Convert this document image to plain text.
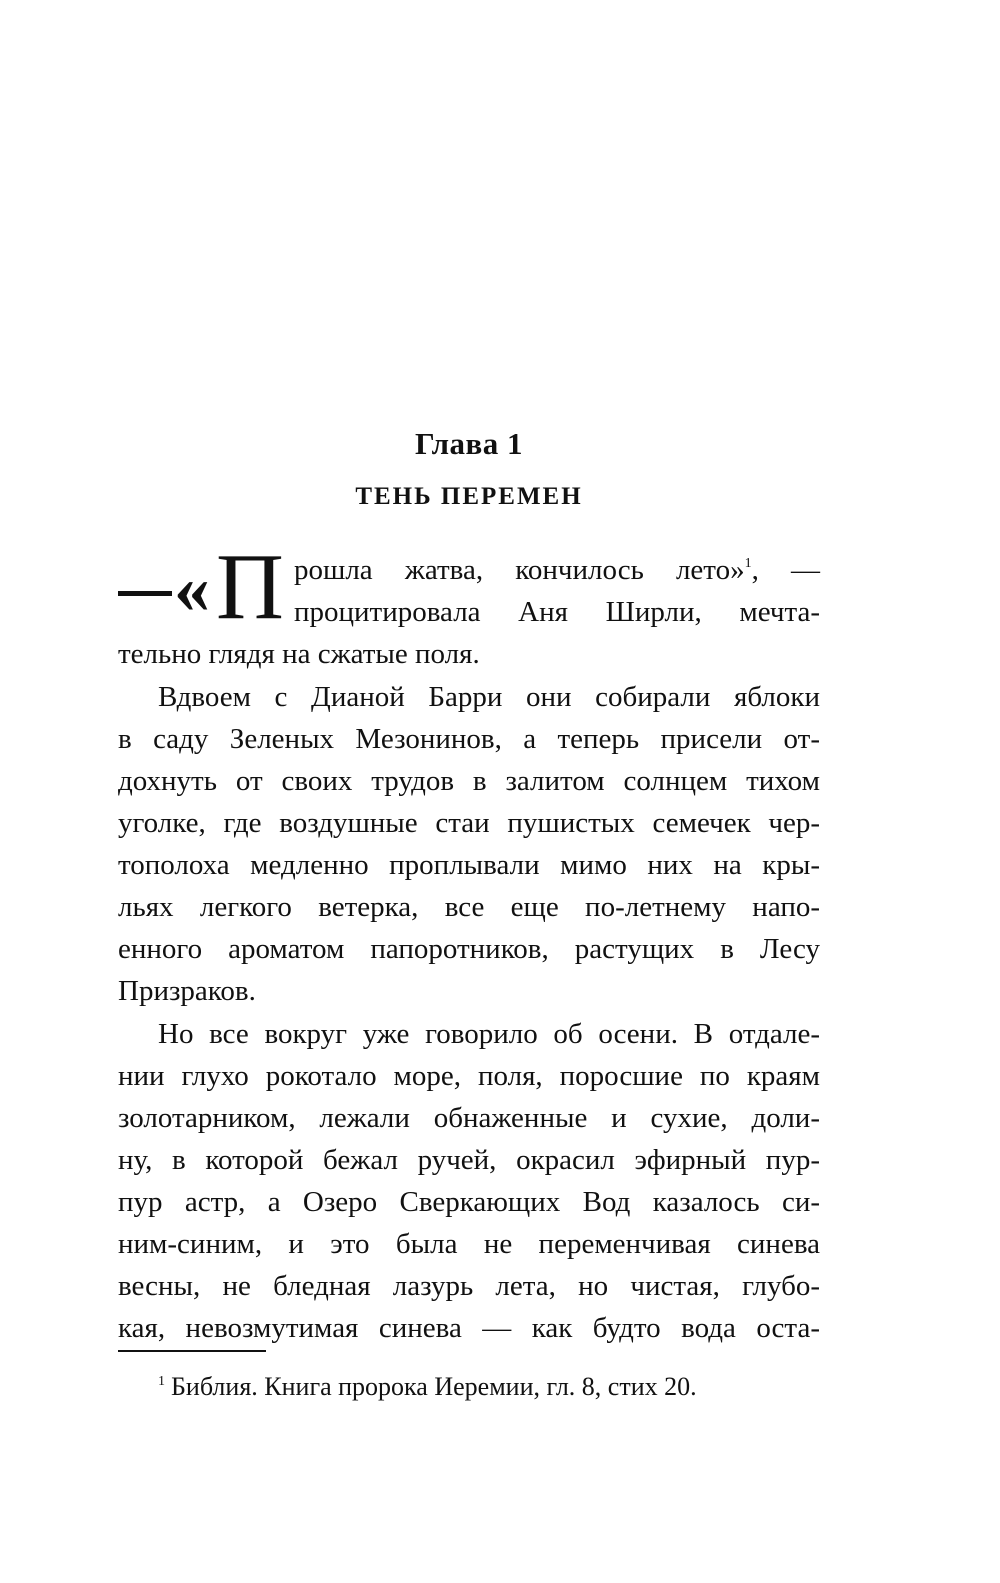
Глава 1
ТЕНЬ ПЕРЕМЕН
« П рошла жатва, кончилось лето»$^1$, —
процитировала Аня Ширли, мечта-
тельно глядя на сжатые поля.
Вдвоем с Дианой Барри они собирали яблоки
в саду Зеленых Мезонинов, а теперь присели от-
дохнуть от своих трудов в залитом солнцем тихом
уголке, где воздушные стаи пушистых семечек чер-
тополоха медленно проплывали мимо них на кры-
льях легкого ветерка, все еще по-летнему напо-
енного ароматом папоротников, растущих в Лесу
Призраков.
Но все вокруг уже говорило об осени. В отдале-
нии глухо рокотало море, поля, поросшие по краям
золотарником, лежали обнаженные и сухие, доли-
ну, в которой бежал ручей, окрасил эфирный пур-
пур астр, а Озеро Сверкающих Вод казалось си-
ним-синим, и это была не переменчивая синева
весны, не бледная лазурь лета, но чистая, глубо-
кая, невозмутимая синева — как будто вода оста-
$^1$ Библия. Книга пророка Иеремии, гл. 8, стих 20.
